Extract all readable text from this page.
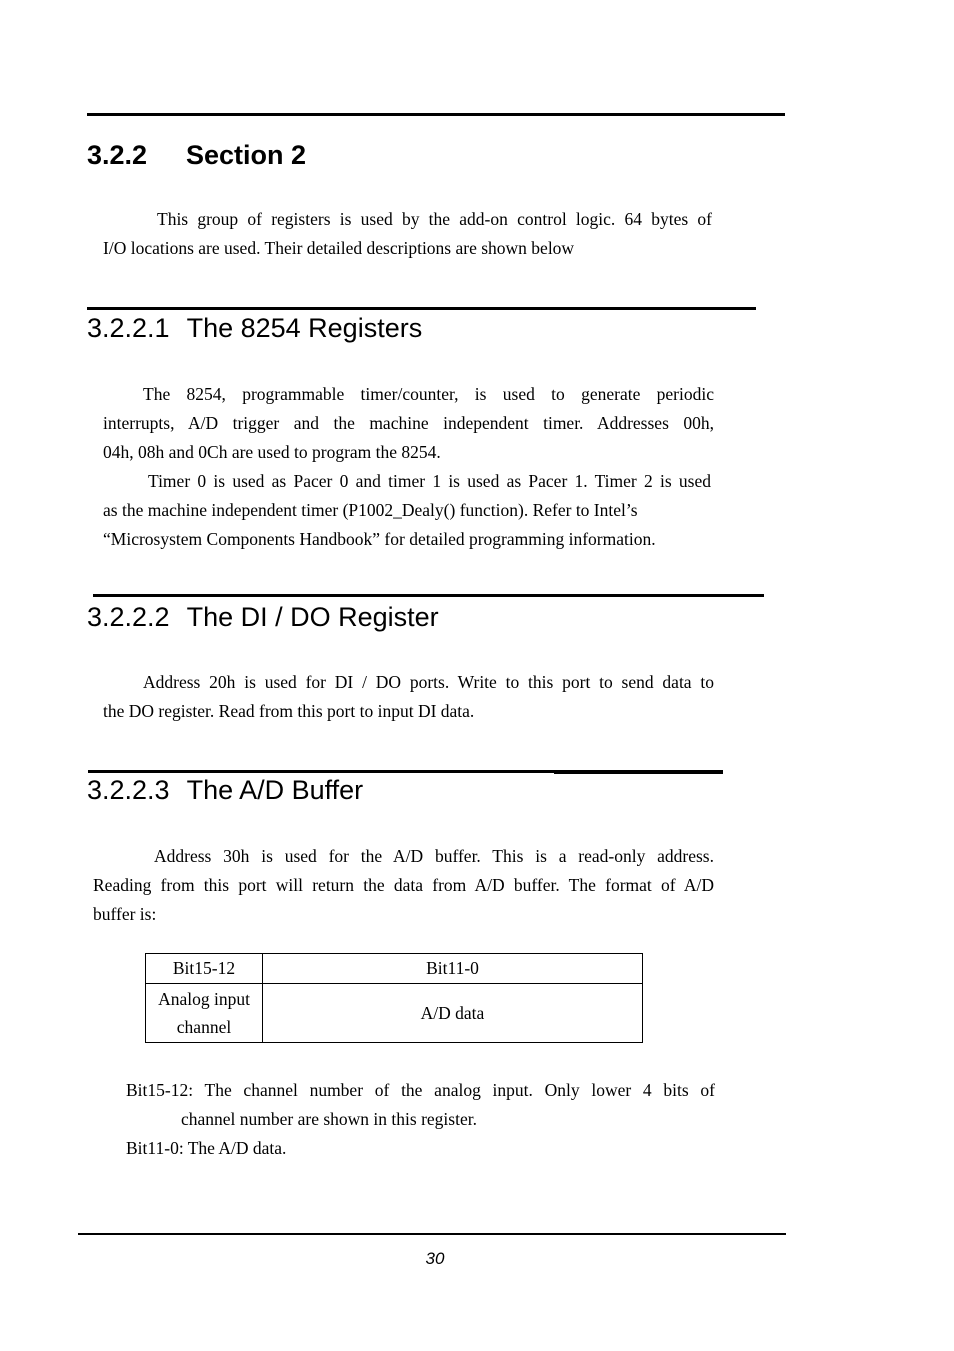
3.2.2 Section 2
This group of registers is used by the add-on control logic. 64 bytes of
I/O locations are used. Their detailed descriptions are shown below
3.2.2.1 The 8254 Registers
The 8254, programmable timer/counter, is used to generate periodic
interrupts, A/D trigger and the machine independent timer. Addresses 00h,
04h, 08h and 0Ch are used to program the 8254.
Timer 0 is used as Pacer 0 and timer 1 is used as Pacer 1. Timer 2 is used
as the machine independent timer (P1002_Dealy() function). Refer to Intel’s
“Microsystem Components Handbook” for detailed programming information.
3.2.2.2 The DI / DO Register
Address 20h is used for DI / DO ports. Write to this port to send data to
the DO register. Read from this port to input DI data.
3.2.2.3 The A/D Buffer
Address 30h is used for the A/D buffer. This is a read-only address.
Reading from this port will return the data from A/D buffer. The format of A/D
buffer is:
Bit15-12	Bit11-0
Analog input
channel	A/D data
Bit15-12: The channel number of the analog input. Only lower 4 bits of
channel number are shown in this register.
Bit11-0: The A/D data.
30
